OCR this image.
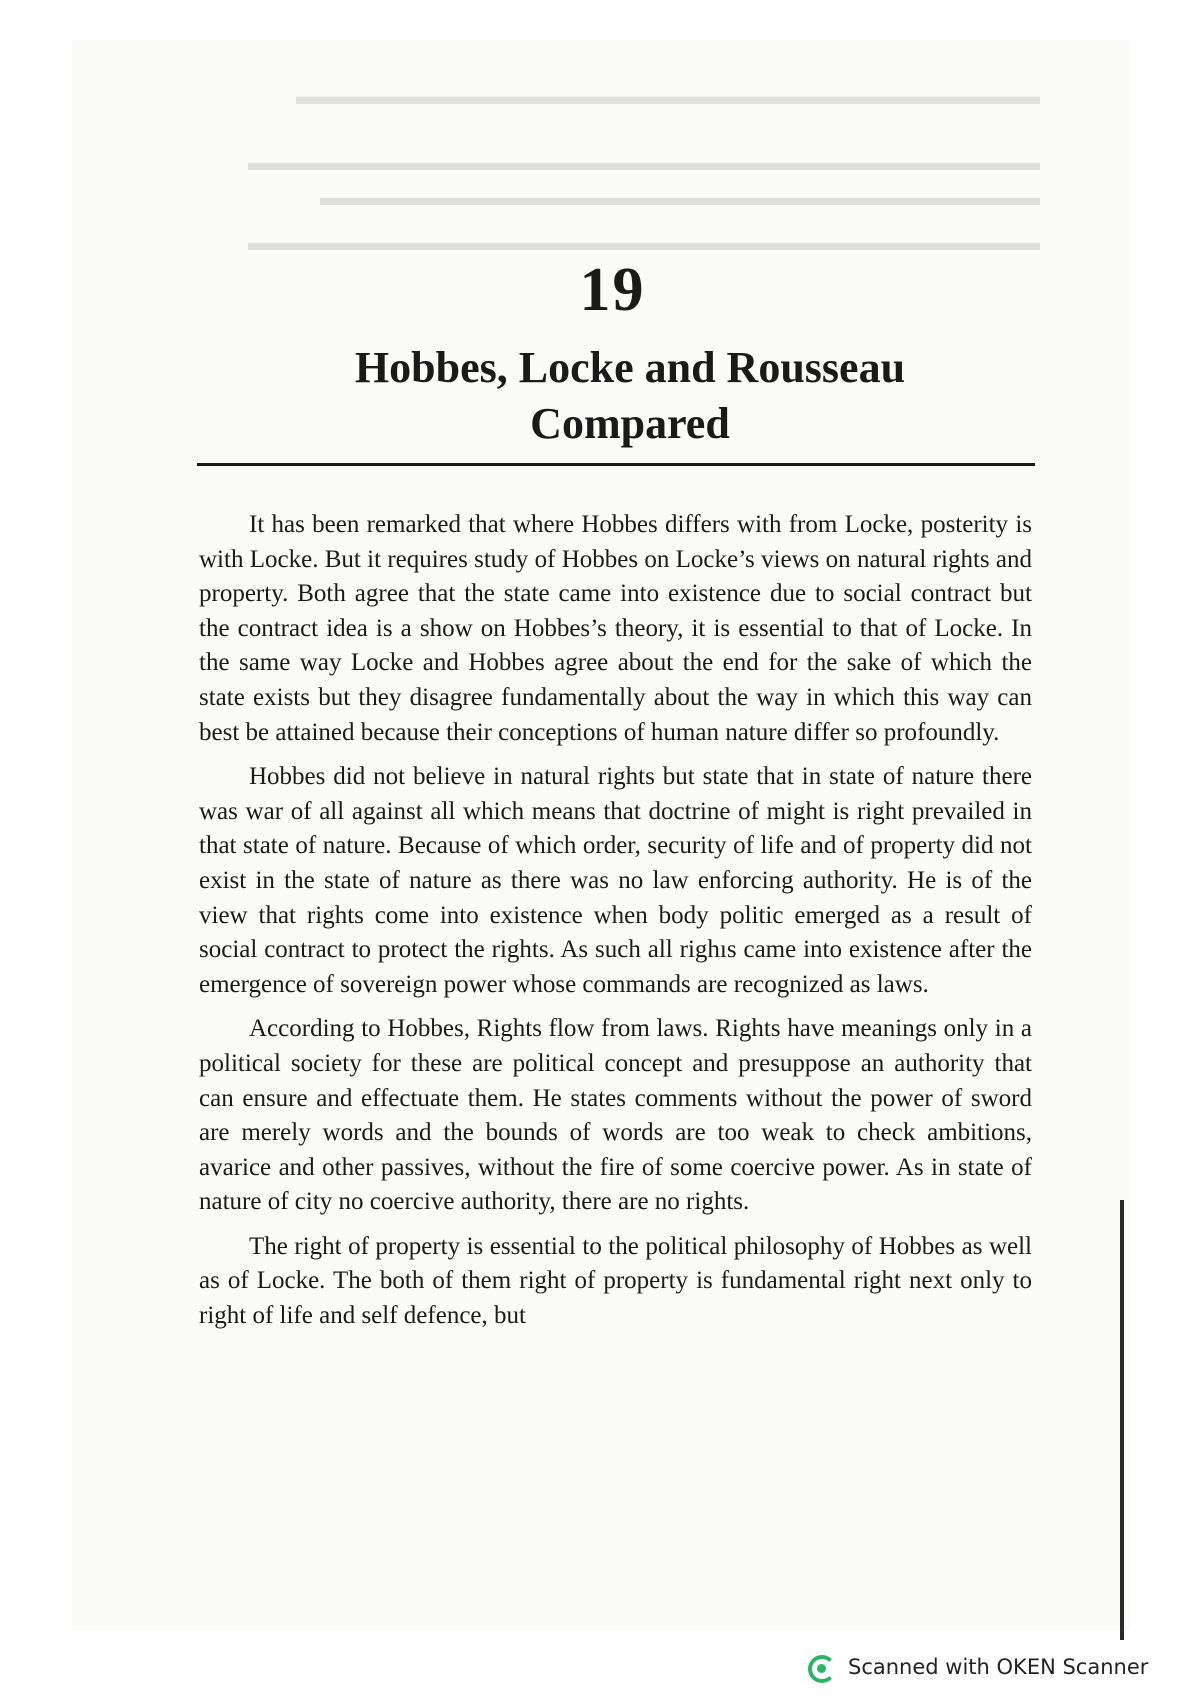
▬▬▬▬▬▬▬▬▬▬▬▬▬▬▬▬▬▬▬▬▬▬▬▬▬▬▬▬▬▬▬
▬▬▬▬▬▬▬▬▬▬▬▬▬▬▬▬▬▬▬▬▬▬▬▬▬▬▬▬▬▬▬▬▬
▬▬▬▬▬▬▬▬▬▬▬▬▬▬▬▬▬▬▬▬▬▬▬▬▬▬▬▬▬▬
▬▬▬▬▬▬▬▬▬▬▬▬▬▬▬▬▬▬▬▬▬▬▬▬▬▬▬▬▬▬▬▬▬
19
Hobbes, Locke and Rousseau
Compared

It has been remarked that where Hobbes differs with from Locke, posterity is with Locke. But it requires study of Hobbes on Locke’s views on natural rights and property. Both agree that the state came into existence due to social contract but the contract idea is a show on Hobbes’s theory, it is essential to that of Locke. In the same way Locke and Hobbes agree about the end for the sake of which the state exists but they disagree fundamentally about the way in which this way can best be attained because their conceptions of human nature differ so profoundly.

Hobbes did not believe in natural rights but state that in state of nature there was war of all against all which means that doctrine of might is right prevailed in that state of nature. Because of which order, security of life and of property did not exist in the state of nature as there was no law enforcing authority. He is of the view that rights come into existence when body politic emerged as a result of social contract to protect the rights. As such all righıs came into existence after the emergence of sovereign power whose commands are recognized as laws.

According to Hobbes, Rights flow from laws. Rights have meanings only in a political society for these are political concept and presuppose an authority that can ensure and effectuate them. He states comments without the power of sword are merely words and the bounds of words are too weak to check ambitions, avarice and other passives, without the fire of some coercive power. As in state of nature of city no coercive authority, there are no rights.

The right of property is essential to the political philosophy of Hobbes as well as of Locke. The both of them right of property is fundamental right next only to right of life and self defence, but

Scanned with OKEN Scanner
